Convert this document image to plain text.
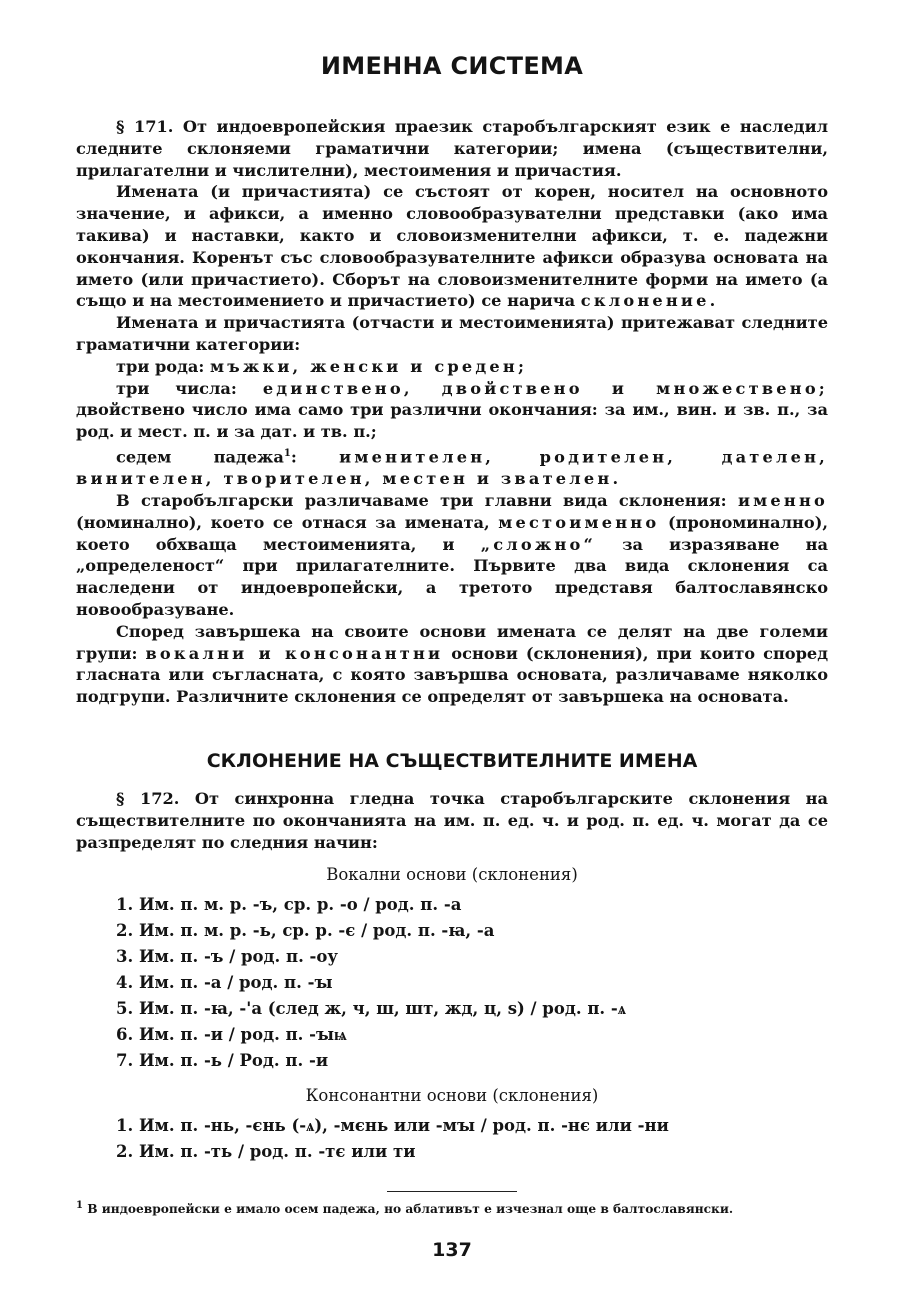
ИМЕННА СИСТЕМА

§ 171. От индоевропейския праезик старобългарският език е наследил следните склоняеми граматични категории; имена (съществителни, прилагателни и числителни), местоимения и причастия.

Имената (и причастията) се състоят от корен, носител на основното значение, и афикси, а именно словообразувателни представки (ако има такива) и наставки, както и словоизменителни афикси, т. е. падежни окончания. Коренът със словообразувателните афикси образува основата на името (или причастието). Сборът на словоизменителните форми на името (а също и на местоимението и причастието) се нарича склонение.

Имената и причастията (отчасти и местоименията) притежават следните граматични категории:

три рода: мъжки, женски и среден;

три числа: единствено, двойствено и множествено; двойствено число има само три различни окончания: за им., вин. и зв. п., за род. и мест. п. и за дат. и тв. п.;

седем падежа$^1$:	именителен, родителен, дателен, винителен, творителен, местен и звателен.

В старобългарски различаваме три главни вида склонения: именно (номинално), което се отнася за имената, местоименно (прономинално), което обхваща местоименията, и „сложно“ за изразяване на „определеност“ при прилагателните. Първите два вида склонения са наследени от индоевропейски, а третото представя балтославянско новообразуване.

Според завършека на своите основи имената се делят на две големи групи: вокални и консонантни основи (склонения), при които според гласната или съгласната, с която завършва основата, различаваме няколко подгрупи. Различните склонения се определят от завършека на основата.

СКЛОНЕНИЕ НА СЪЩЕСТВИТЕЛНИТЕ ИМЕНА

§ 172. От синхронна гледна точка старобългарските склонения на съществителните по окончанията на им. п. ед. ч. и род. п. ед. ч. могат да се разпределят по следния начин:

Вокални основи (склонения)
1. Им. п. м. р. -ъ, ср. р. -о / род. п. -а
2. Им. п. м. р. -ь, ср. р. -є / род. п. -ꙗ, -а
3. Им. п. -ъ / род. п. -оу
4. Им. п. -а / род. п. -ꙑ
5. Им. п. -ꙗ, -'а (след ж, ч, ш, шт, жд, ц, ѕ) / род. п. -ѧ
6. Им. п. -и / род. п. -ꙑѩ
7. Им. п. -ь / Род. п. -и
Консонантни основи (склонения)
1. Им. п. -нь, -єнь (-ѧ), -мєнь или -мꙑ / род. п. -нє или -ни
2. Им. п. -ть / род. п. -тє или ти
$^1$ В индоевропейски е имало осем падежа, но аблативът е изчезнал още в балтославянски.
137
